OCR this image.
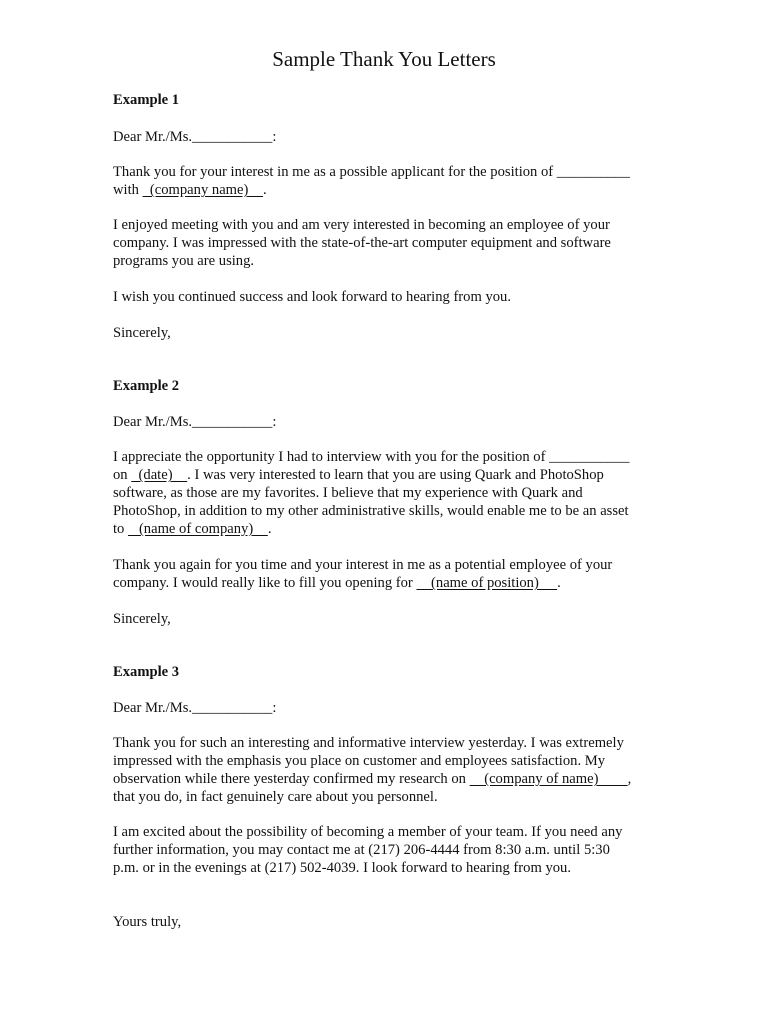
Sample Thank You Letters
Example 1
Dear Mr./Ms.___________:
Thank you for your interest in me as a possible applicant for the position of __________
with   (company name)    .
I enjoyed meeting with you and am very interested in becoming an employee of your
company. I was impressed with the state-of-the-art computer equipment and software
programs you are using.
I wish you continued success and look forward to hearing from you.
Sincerely,
Example 2
Dear Mr./Ms.___________:
I appreciate the opportunity I had to interview with you for the position of ___________
on   (date)    . I was very interested to learn that you are using Quark and PhotoShop
software, as those are my favorites. I believe that my experience with Quark and
PhotoShop, in addition to my other administrative skills, would enable me to be an asset
to    (name of company)    .
Thank you again for you time and your interest in me as a potential employee of your
company. I would really like to fill you opening for     (name of position)     .
Sincerely,
Example 3
Dear Mr./Ms.___________:
Thank you for such an interesting and informative interview yesterday. I was extremely
impressed with the emphasis you place on customer and employees satisfaction. My
observation while there yesterday confirmed my research on     (company of name)        ,
that you do, in fact genuinely care about you personnel.
I am excited about the possibility of becoming a member of your team. If you need any
further information, you may contact me at (217) 206-4444 from 8:30 a.m. until 5:30
p.m. or in the evenings at (217) 502-4039. I look forward to hearing from you.
Yours truly,
